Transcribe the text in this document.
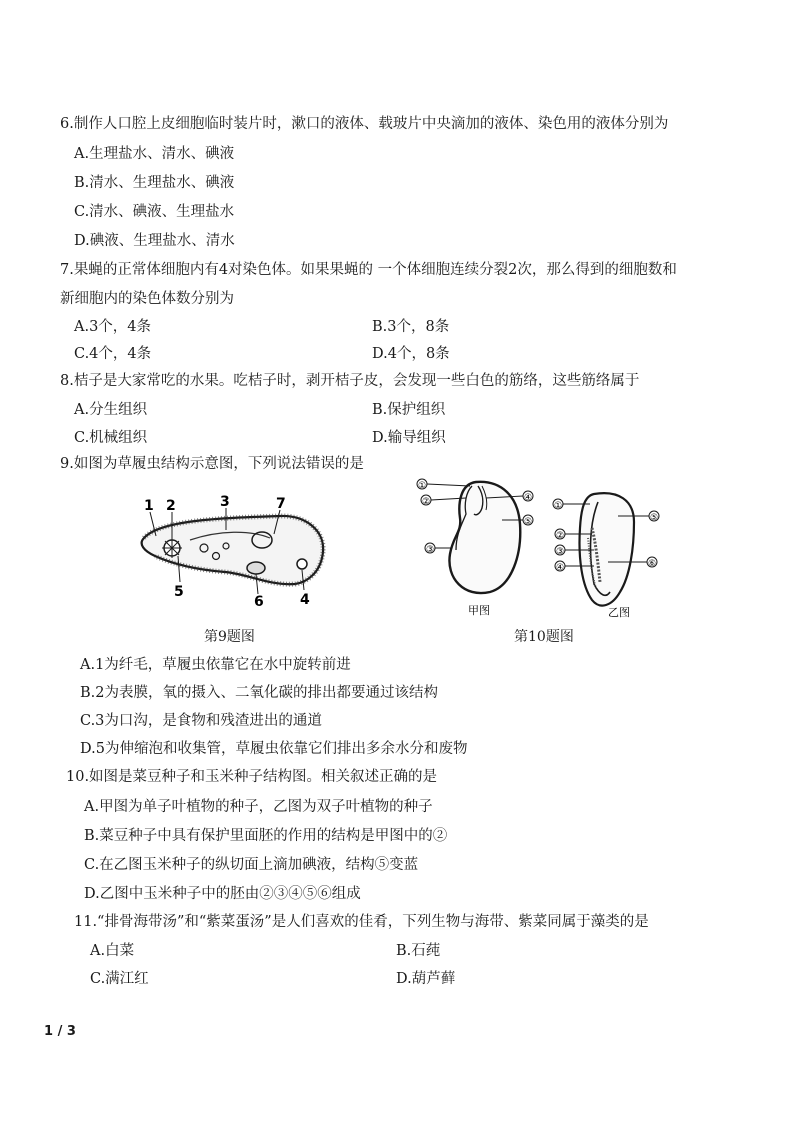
6.制作人口腔上皮细胞临时装片时，漱口的液体、载玻片中央滴加的液体、染色用的液体分别为
A.生理盐水、清水、碘液
B.清水、生理盐水、碘液
C.清水、碘液、生理盐水
D.碘液、生理盐水、清水
7.果蝇的正常体细胞内有4对染色体。如果果蝇的 一个体细胞连续分裂2次，那么得到的细胞数和
新细胞内的染色体数分别为
A.3个，4条	B.3个，8条
C.4个，4条	D.4个，8条
8.桔子是大家常吃的水果。吃桔子时，剥开桔子皮，会发现一些白色的筋络，这些筋络属于
A.分生组织	B.保护组织
C.机械组织	D.输导组织
9.如图为草履虫结构示意图，下列说法错误的是
1 2	3	7
5
6	4
第9题图
①
②	④
⑤
③
甲图
①
⑤
②
③
④	⑥
乙图
第10题图
A.1为纤毛，草履虫依靠它在水中旋转前进
B.2为表膜，氧的摄入、二氧化碳的排出都要通过该结构
C.3为口沟，是食物和残渣进出的通道
D.5为伸缩泡和收集管，草履虫依靠它们排出多余水分和废物
10.如图是菜豆种子和玉米种子结构图。相关叙述正确的是
A.甲图为单子叶植物的种子，乙图为双子叶植物的种子
B.菜豆种子中具有保护里面胚的作用的结构是甲图中的②
C.在乙图玉米种子的纵切面上滴加碘液，结构⑤变蓝
D.乙图中玉米种子中的胚由②③④⑤⑥组成
11.“排骨海带汤”和“紫菜蛋汤”是人们喜欢的佳肴，下列生物与海带、紫菜同属于藻类的是
A.白菜	B.石莼
C.满江红	D.葫芦藓
1 / 3
